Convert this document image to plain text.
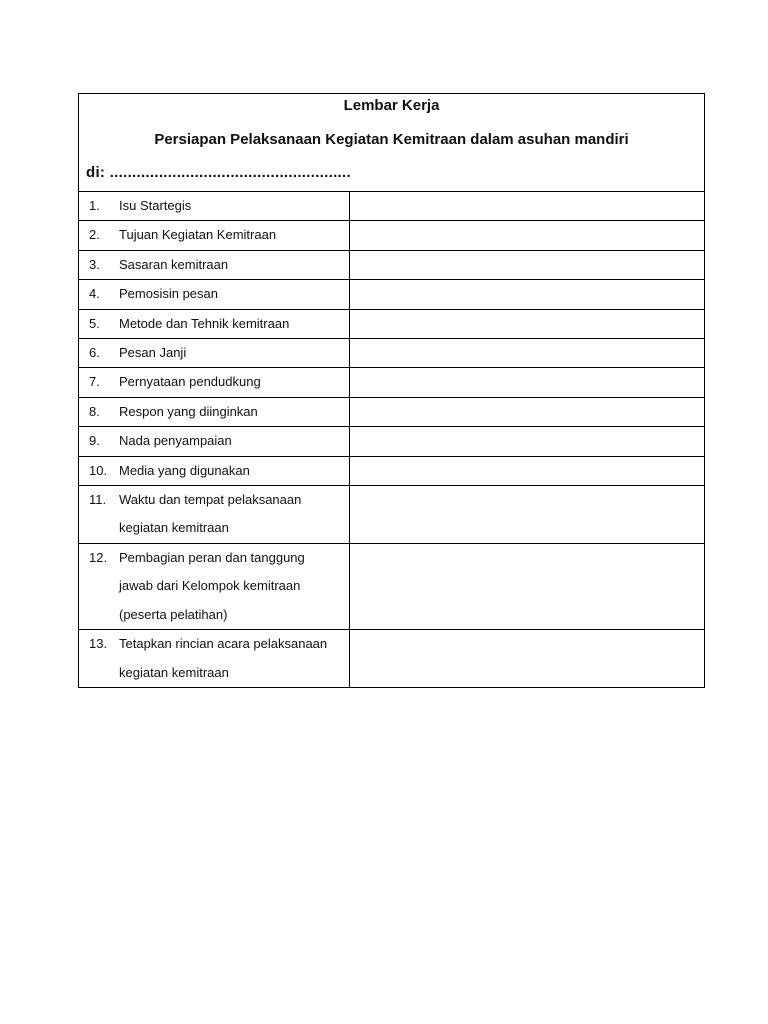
Lembar Kerja
Persiapan Pelaksanaan Kegiatan Kemitraan dalam asuhan mandiri
di: ......................................................
1. Isu Startegis	

2. Tujuan Kegiatan Kemitraan	

3. Sasaran kemitraan	

4. Pemosisin pesan	

5. Metode dan Tehnik kemitraan	

6. Pesan Janji	

7. Pernyataan pendudkung	

8. Respon yang diinginkan	

9. Nada penyampaian	

10. Media yang digunakan	

11. Waktu dan tempat pelaksanaan
kegiatan kemitraan	

12. Pembagian peran dan tanggung
jawab dari Kelompok kemitraan
(peserta pelatihan)	

13. Tetapkan rincian acara pelaksanaan
kegiatan kemitraan	
